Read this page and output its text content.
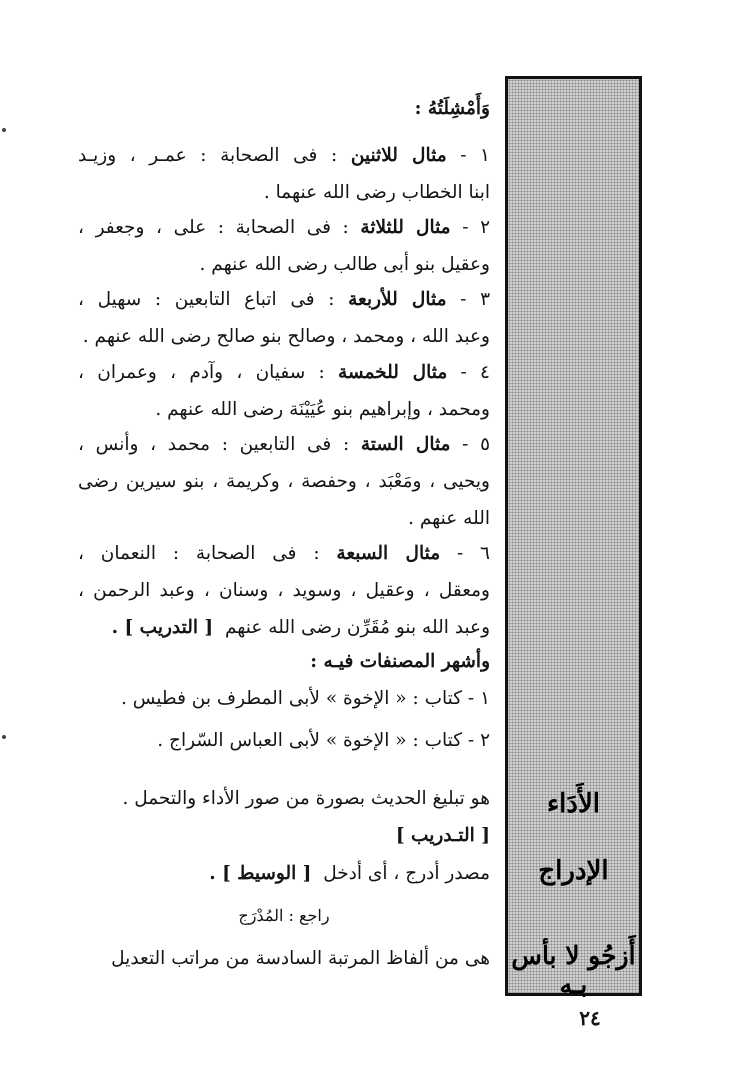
الأَدَاء
الإدراج
أَزجُو لا بأس بـه
وَأَمْشِلَتُهُ :
١ - مثال للاثنين : فى الصحابة : عمـر ، وزيـد
ابنا الخطاب رضى الله عنهما .
٢ - مثال للثلاثة : فى الصحابة : على ، وجعفر ،
وعقيل بنو أبى طالب رضى الله عنهم .
٣ - مثال للأربعة : فى اتباع التابعين : سهيل ،
وعبد الله ، ومحمد ، وصالح بنو صالح رضى الله عنهم .
٤ - مثال للخمسة : سفيان ، وآدم ، وعمران ،
ومحمد ، وإبراهيم بنو عُيَيْنَة رضى الله عنهم .
٥ - مثال الستة : فى التابعين : محمد ، وأنس ،
ويحيى ، ومَعْبَد ، وحفصة ، وكريمة ، بنو سيرين رضى
الله عنهم .
٦ - مثال السبعة : فى الصحابة : النعمان ،
ومعقل ، وعقيل ، وسويد ، وسنان ، وعبد الرحمن ،
وعبد الله بنو مُقَرِّن رضى الله عنهم  [ التدريب ] .
وأشهر المصنفات فيـه :
١ - كتاب : « الإخوة » لأبى المطرف بن فطيس .
٢ - كتاب : « الإخوة » لأبى العباس السّراج .
هو تبليغ الحديث بصورة من صور الأداء والتحمل .
[ التـدريب ]
مصدر أدرج ، أى أدخل  [ الوسيط ] .
راجع : المُدْرَج
هى من ألفاظ المرتبة السادسة من مراتب التعديل
٢٤
